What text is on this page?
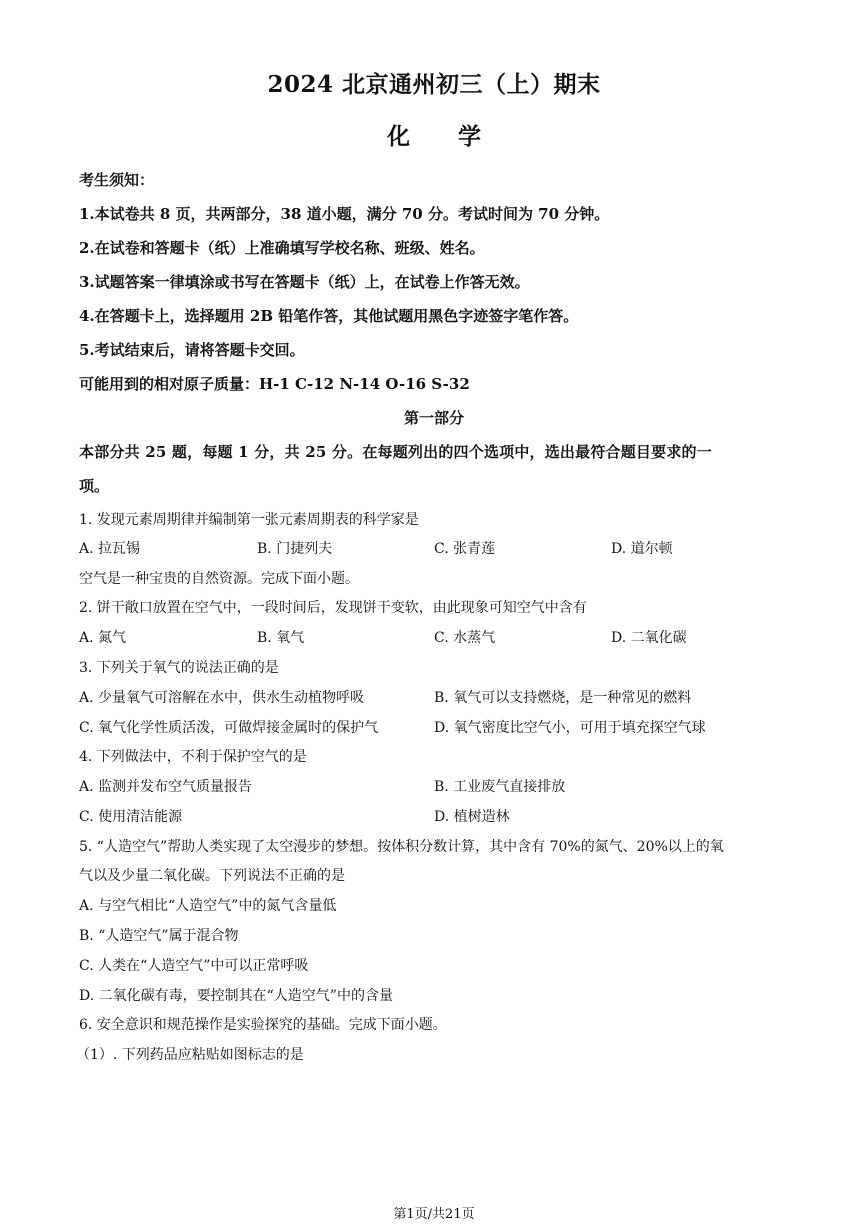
2024 北京通州初三（上）期末
化学
考生须知：
1.本试卷共 8 页，共两部分，38 道小题，满分 70 分。考试时间为 70 分钟。
2.在试卷和答题卡（纸）上准确填写学校名称、班级、姓名。
3.试题答案一律填涂或书写在答题卡（纸）上，在试卷上作答无效。
4.在答题卡上，选择题用 2B 铅笔作答，其他试题用黑色字迹签字笔作答。
5.考试结束后，请将答题卡交回。
可能用到的相对原子质量：H-1 C-12 N-14 O-16 S-32
第一部分
本部分共 25 题，每题 1 分，共 25 分。在每题列出的四个选项中，选出最符合题目要求的一
项。
1. 发现元素周期律并编制第一张元素周期表的科学家是
A. 拉瓦锡	B. 门捷列夫	C. 张青莲	D. 道尔顿
空气是一种宝贵的自然资源。完成下面小题。
2. 饼干敞口放置在空气中，一段时间后，发现饼干变软，由此现象可知空气中含有
A. 氮气	B. 氧气	C. 水蒸气	D. 二氧化碳
3. 下列关于氧气的说法正确的是
A. 少量氧气可溶解在水中，供水生动植物呼吸	B. 氧气可以支持燃烧，是一种常见的燃料
C. 氧气化学性质活泼，可做焊接金属时的保护气	D. 氧气密度比空气小，可用于填充探空气球
4. 下列做法中，不利于保护空气的是
A. 监测并发布空气质量报告	B. 工业废气直接排放
C. 使用清洁能源	D. 植树造林
5. “人造空气”帮助人类实现了太空漫步的梦想。按体积分数计算，其中含有 70%的氮气、20%以上的氧
气以及少量二氧化碳。下列说法不正确的是
A. 与空气相比“人造空气”中的氮气含量低
B. “人造空气”属于混合物
C. 人类在“人造空气”中可以正常呼吸
D. 二氧化碳有毒，要控制其在“人造空气”中的含量
6. 安全意识和规范操作是实验探究的基础。完成下面小题。
（1）. 下列药品应粘贴如图标志的是
第1页/共21页
